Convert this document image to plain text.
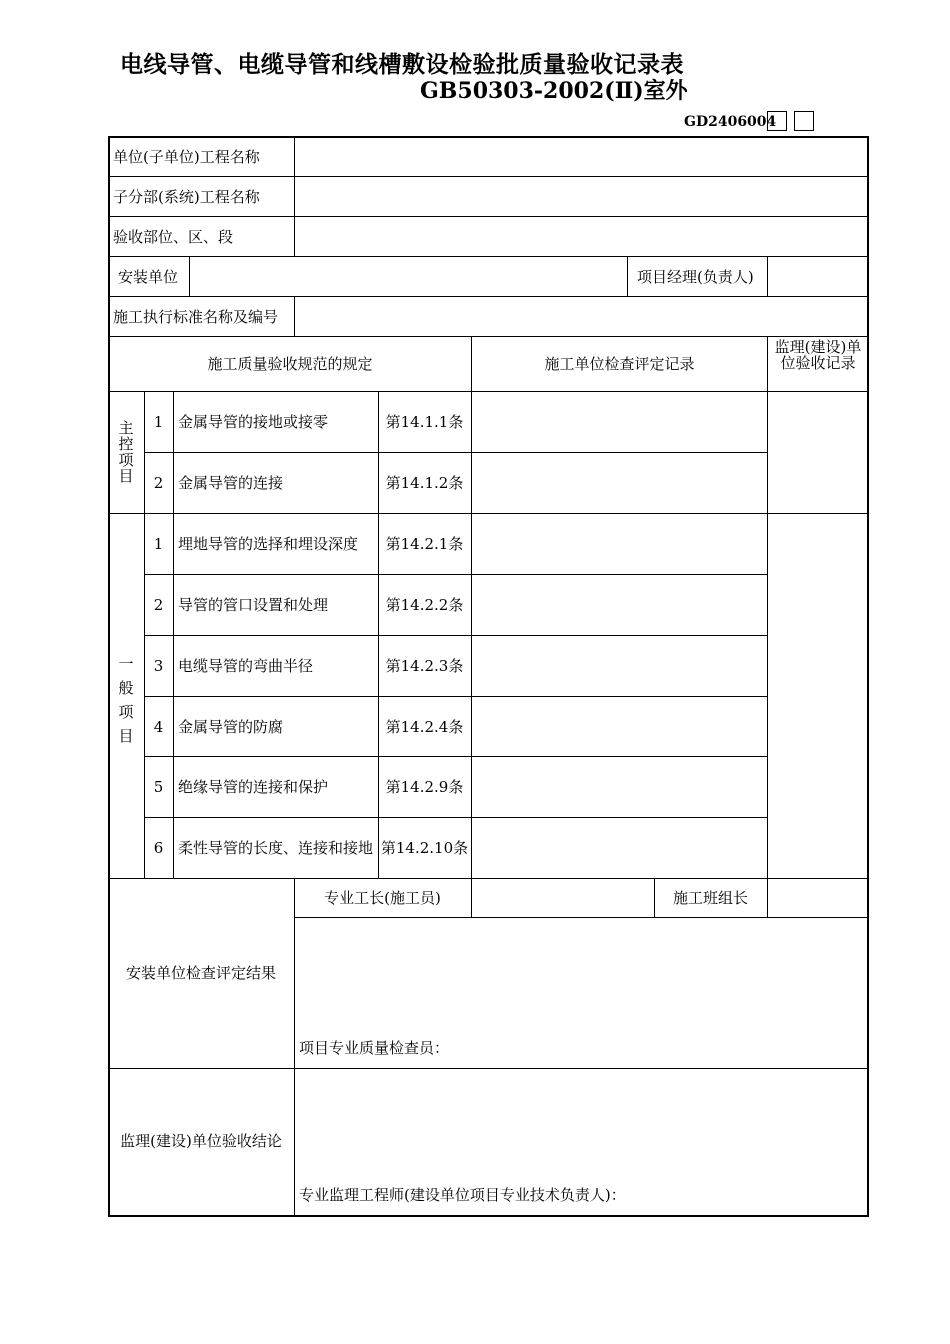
电线导管、电缆导管和线槽敷设检验批质量验收记录表
GB50303-2002(Ⅱ)室外
GD2406004
单位(子单位)工程名称
子分部(系统)工程名称
验收部位、区、段
安装单位	项目经理(负责人)
施工执行标准名称及编号
施工质量验收规范的规定	施工单位检查评定记录
监理(建设)单位验收记录
主控项目
1 金属导管的接地或接零	第14.1.1条
2 金属导管的连接	第14.1.2条
一般项目
1 埋地导管的选择和埋设深度	第14.2.1条
2 导管的管口设置和处理	第14.2.2条
3 电缆导管的弯曲半径	第14.2.3条
4 金属导管的防腐	第14.2.4条
5 绝缘导管的连接和保护	第14.2.9条
6 柔性导管的长度、连接和接地 第14.2.10条
专业工长(施工员)	施工班组长
安装单位检查评定结果
项目专业质量检查员：
监理(建设)单位验收结论
专业监理工程师(建设单位项目专业技术负责人)：
